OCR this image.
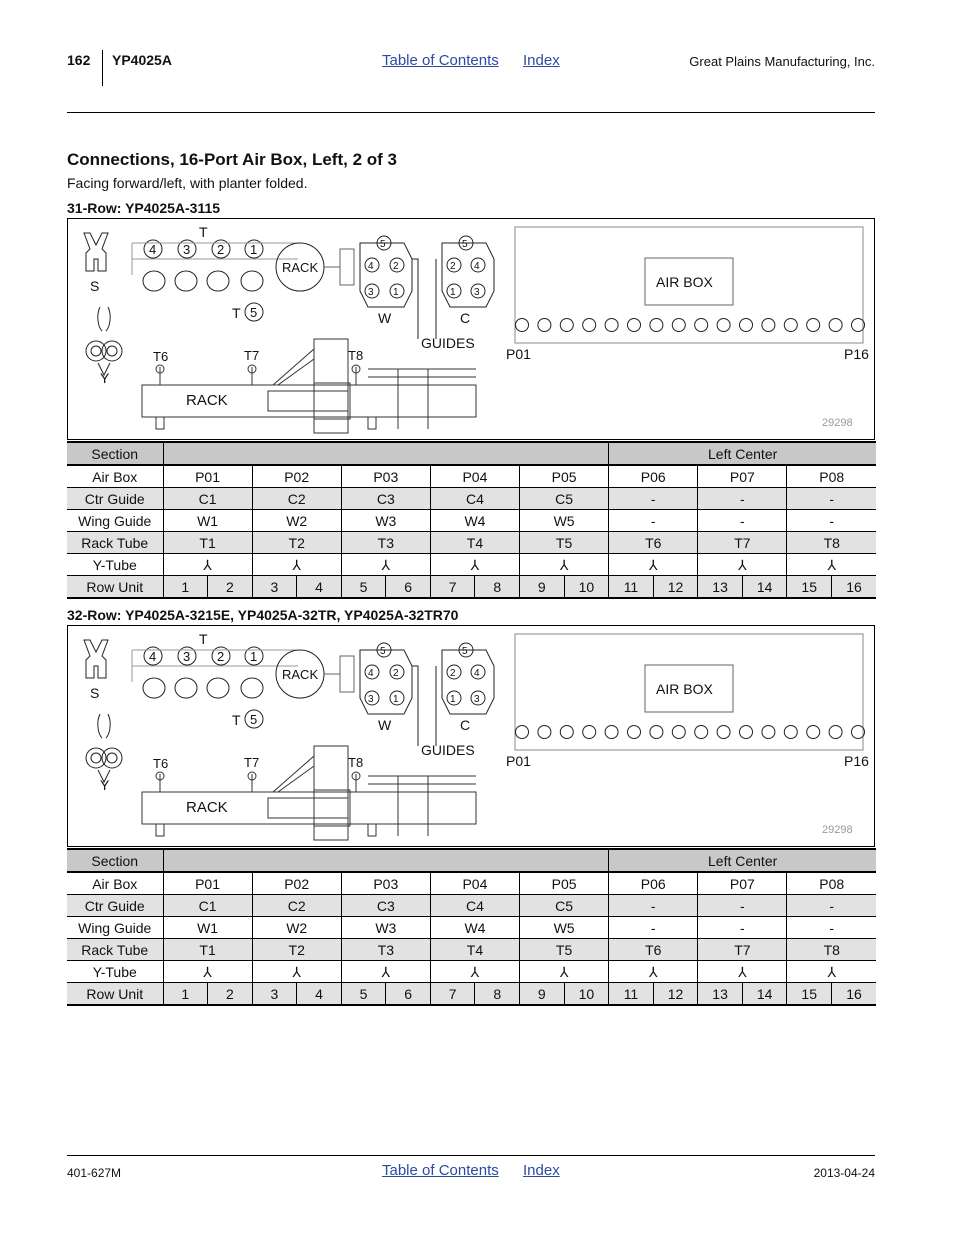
162 YP4025A	Table of Contents Index	Great Plains Manufacturing, Inc.
Connections, 16-Port Air Box, Left, 2 of 3
Facing forward/left, with planter folded.
31-Row: YP4025A-3115
S
Y
T
4 3 2 1
RACK
T 5
5
4 2
3 1
W
5
2 4
1 3
C
GUIDES
AIR BOX
P01	P16
T6	T7	T8
RACK
29298
Section											Left Center					
Air Box	P01		P02		P03		P04		P05		P06		P07		P08	
Ctr Guide	C1		C2		C3		C4		C5		-		-		-	
Wing Guide	W1		W2		W3		W4		W5		-		-		-	
Rack Tube	T1		T2		T3		T4		T5		T6		T7		T8	
Y-Tube	⅄		⅄		⅄		⅄		⅄		⅄		⅄		⅄	
Row Unit	1	2	3	4	5	6	7	8	9	10	11	12	13	14	15	16
32-Row: YP4025A-3215E, YP4025A-32TR, YP4025A-32TR70
S
Y
T
4 3 2 1
RACK
T 5
5
4 2
3 1
W
5
2 4
1 3
C
GUIDES
AIR BOX
P01	P16
T6	T7	T8
RACK
29298
Section											Left Center					
Air Box	P01		P02		P03		P04		P05		P06		P07		P08	
Ctr Guide	C1		C2		C3		C4		C5		-		-		-	
Wing Guide	W1		W2		W3		W4		W5		-		-		-	
Rack Tube	T1		T2		T3		T4		T5		T6		T7		T8	
Y-Tube	⅄		⅄		⅄		⅄		⅄		⅄		⅄		⅄	
Row Unit	1	2	3	4	5	6	7	8	9	10	11	12	13	14	15	16
401-627M	Table of Contents Index	2013-04-24
